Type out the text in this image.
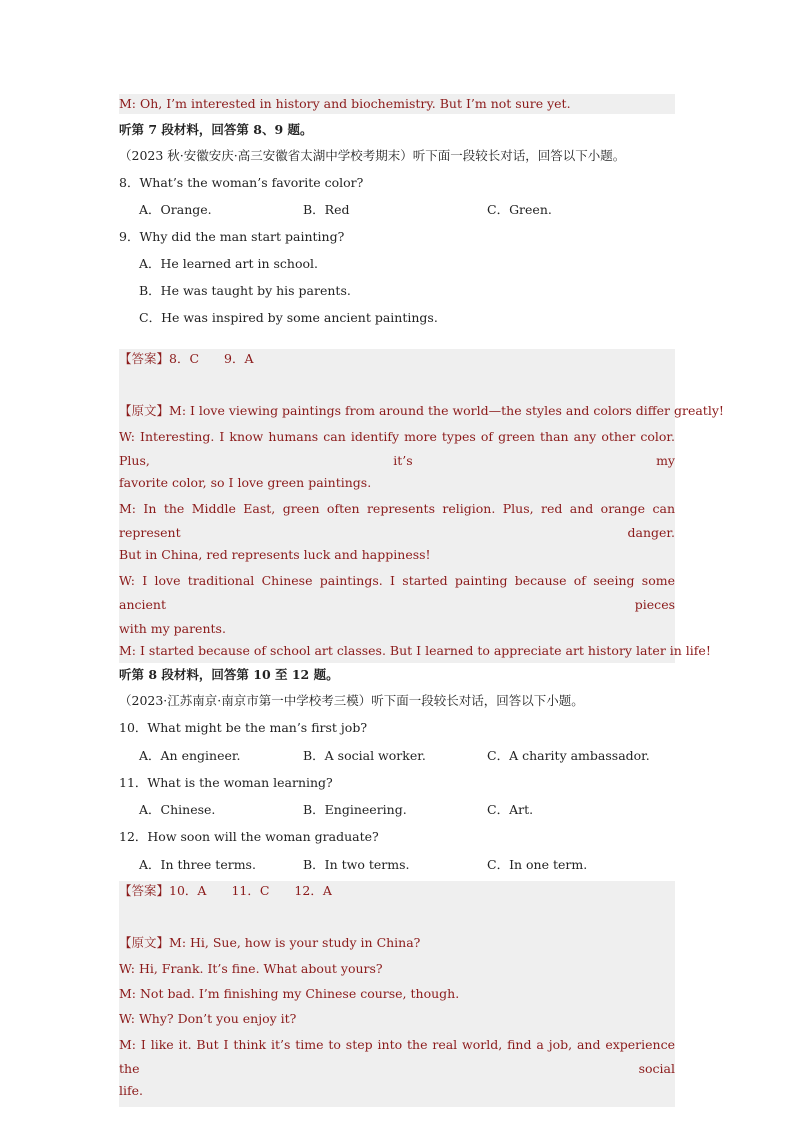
M: Oh, I’m interested in history and biochemistry. But I’m not sure yet.
听第 7 段材料，回答第 8、9 题。
（2023 秋·安徽安庆·高三安徽省太湖中学校考期末）听下面一段较长对话，回答以下小题。
8．What’s the woman’s favorite color?
A．Orange.	B．Red	C．Green.
9．Why did the man start painting?
A．He learned art in school.
B．He was taught by his parents.
C．He was inspired by some ancient paintings.
【答案】8．C　　9．A
【原文】M: I love viewing paintings from around the world—the styles and colors differ greatly!
W: Interesting. I know humans can identify more types of green than any other color. Plus, it’s my
favorite color, so I love green paintings.
M: In the Middle East, green often represents religion. Plus, red and orange can represent danger.
But in China, red represents luck and happiness!
W: I love traditional Chinese paintings. I started painting because of seeing some ancient pieces
with my parents.
M: I started because of school art classes. But I learned to appreciate art history later in life!
听第 8 段材料，回答第 10 至 12 题。
（2023·江苏南京·南京市第一中学校考三模）听下面一段较长对话，回答以下小题。
10．What might be the man’s first job?
A．An engineer.	B．A social worker.	C．A charity ambassador.
11．What is the woman learning?
A．Chinese.	B．Engineering.	C．Art.
12．How soon will the woman graduate?
A．In three terms.	B．In two terms.	C．In one term.
【答案】10．A　　11．C　　12．A
【原文】M: Hi, Sue, how is your study in China?
W: Hi, Frank. It’s fine. What about yours?
M: Not bad. I’m finishing my Chinese course, though.
W: Why? Don’t you enjoy it?
M: I like it. But I think it’s time to step into the real world, find a job, and experience the social
life.
